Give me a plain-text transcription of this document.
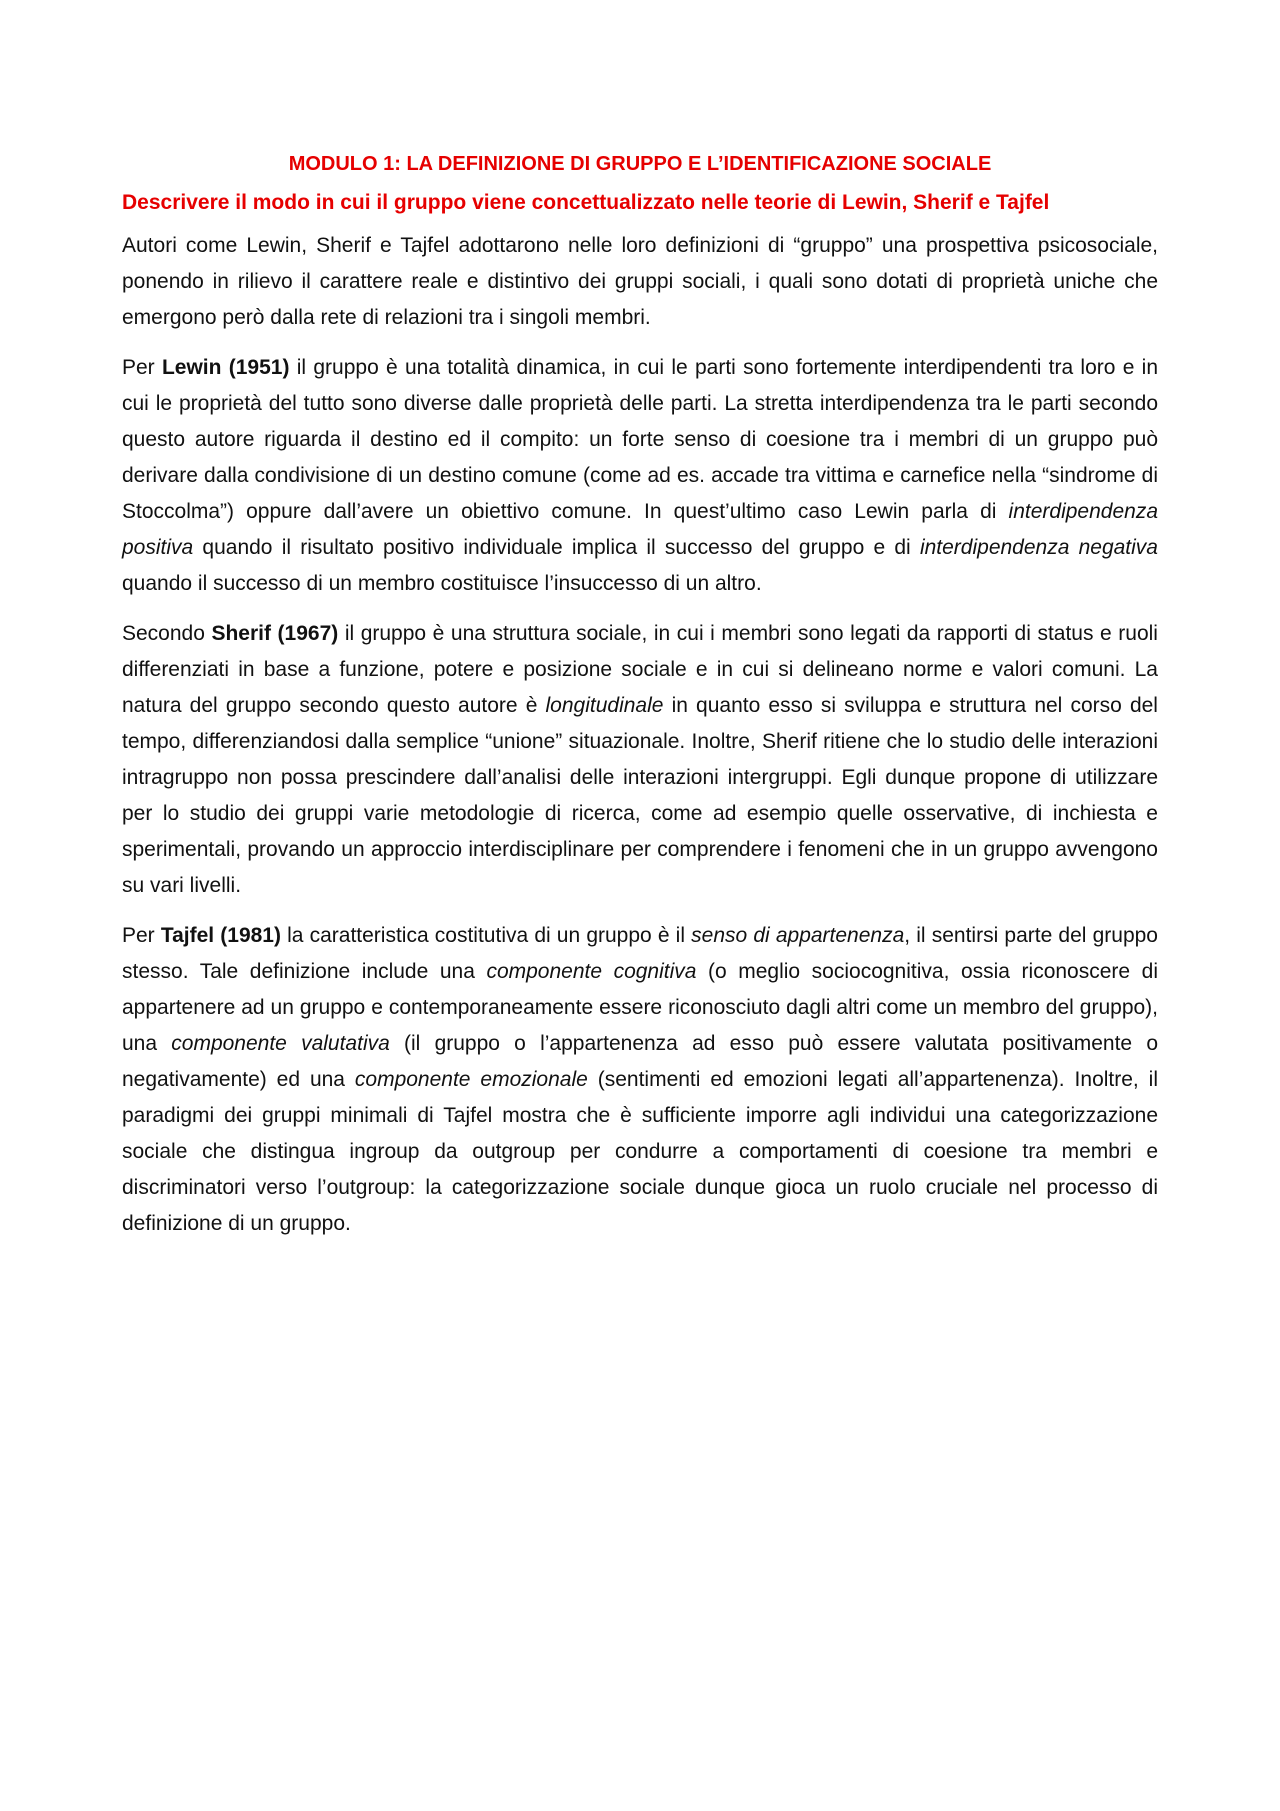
MODULO 1: LA DEFINIZIONE DI GRUPPO E L’IDENTIFICAZIONE SOCIALE
Descrivere il modo in cui il gruppo viene concettualizzato nelle teorie di Lewin, Sherif e Tajfel

Autori come Lewin, Sherif e Tajfel adottarono nelle loro definizioni di “gruppo” una prospettiva psicosociale, ponendo in rilievo il carattere reale e distintivo dei gruppi sociali, i quali sono dotati di proprietà uniche che emergono però dalla rete di relazioni tra i singoli membri.

Per Lewin (1951) il gruppo è una totalità dinamica, in cui le parti sono fortemente interdipendenti tra loro e in cui le proprietà del tutto sono diverse dalle proprietà delle parti. La stretta interdipendenza tra le parti secondo questo autore riguarda il destino ed il compito: un forte senso di coesione tra i membri di un gruppo può derivare dalla condivisione di un destino comune (come ad es. accade tra vittima e carnefice nella “sindrome di Stoccolma”) oppure dall’avere un obiettivo comune. In quest’ultimo caso Lewin parla di interdipendenza positiva quando il risultato positivo individuale implica il successo del gruppo e di interdipendenza negativa quando il successo di un membro costituisce l’insuccesso di un altro.

Secondo Sherif (1967) il gruppo è una struttura sociale, in cui i membri sono legati da rapporti di status e ruoli differenziati in base a funzione, potere e posizione sociale e in cui si delineano norme e valori comuni. La natura del gruppo secondo questo autore è longitudinale in quanto esso si sviluppa e struttura nel corso del tempo, differenziandosi dalla semplice “unione” situazionale. Inoltre, Sherif ritiene che lo studio delle interazioni intragruppo non possa prescindere dall’analisi delle interazioni intergruppi. Egli dunque propone di utilizzare per lo studio dei gruppi varie metodologie di ricerca, come ad esempio quelle osservative, di inchiesta e sperimentali, provando un approccio interdisciplinare per comprendere i fenomeni che in un gruppo avvengono su vari livelli.

Per Tajfel (1981) la caratteristica costitutiva di un gruppo è il senso di appartenenza, il sentirsi parte del gruppo stesso. Tale definizione include una componente cognitiva (o meglio sociocognitiva, ossia riconoscere di appartenere ad un gruppo e contemporaneamente essere riconosciuto dagli altri come un membro del gruppo), una componente valutativa (il gruppo o l’appartenenza ad esso può essere valutata positivamente o negativamente) ed una componente emozionale (sentimenti ed emozioni legati all’appartenenza). Inoltre, il paradigmi dei gruppi minimali di Tajfel mostra che è sufficiente imporre agli individui una categorizzazione sociale che distingua ingroup da outgroup per condurre a comportamenti di coesione tra membri e discriminatori verso l’outgroup: la categorizzazione sociale dunque gioca un ruolo cruciale nel processo di definizione di un gruppo.
